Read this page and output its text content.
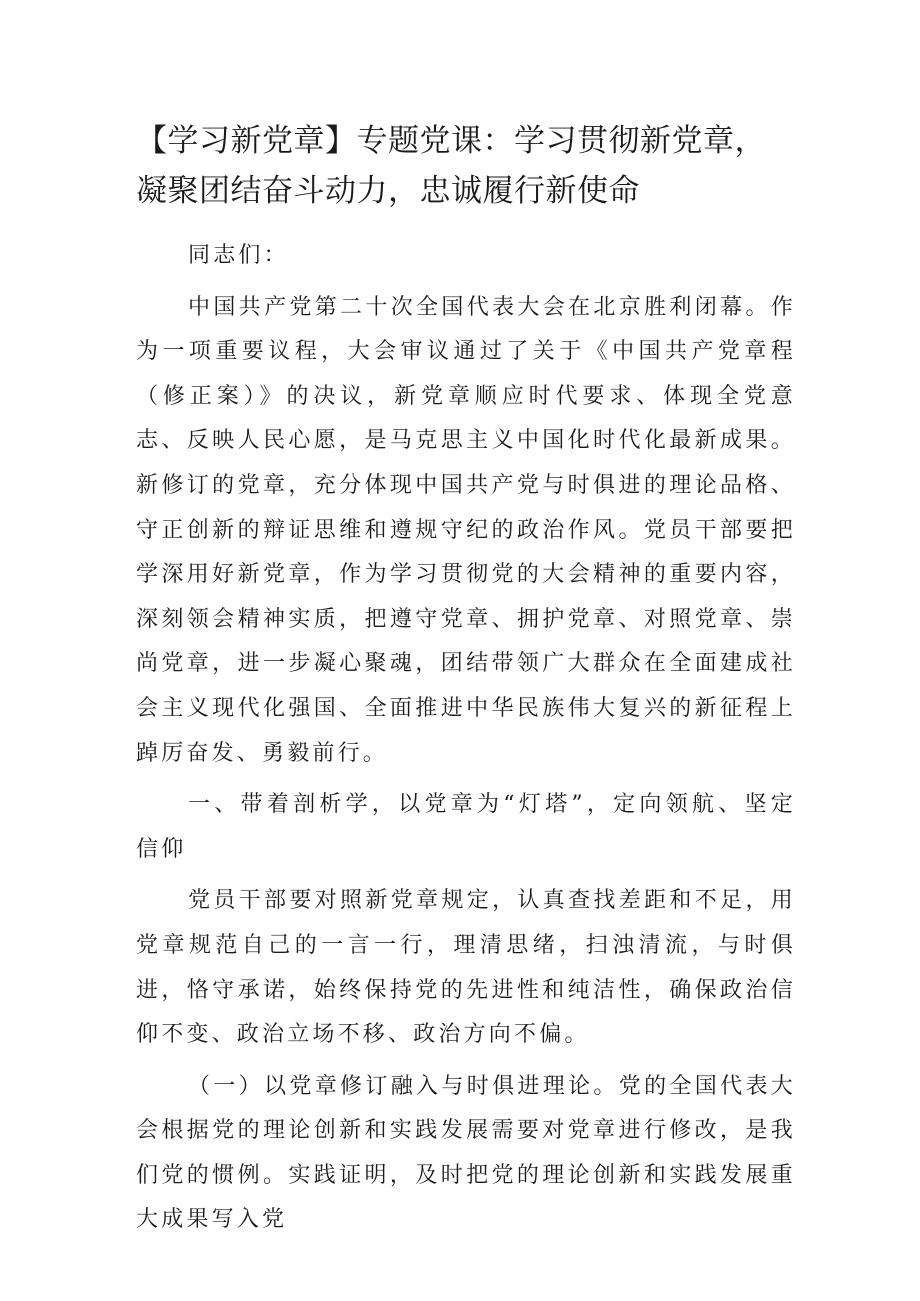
【学习新党章】专题党课：学习贯彻新党章，
凝聚团结奋斗动力，忠诚履行新使命

同志们：

中国共产党第二十次全国代表大会在北京胜利闭幕。作为一项重要议程，大会审议通过了关于《中国共产党章程（修正案）》的决议，新党章顺应时代要求、体现全党意志、反映人民心愿，是马克思主义中国化时代化最新成果。新修订的党章，充分体现中国共产党与时俱进的理论品格、守正创新的辩证思维和遵规守纪的政治作风。党员干部要把学深用好新党章，作为学习贯彻党的大会精神的重要内容，深刻领会精神实质，把遵守党章、拥护党章、对照党章、崇尚党章，进一步凝心聚魂，团结带领广大群众在全面建成社会主义现代化强国、全面推进中华民族伟大复兴的新征程上踔厉奋发、勇毅前行。

一、带着剖析学，以党章为“灯塔”，定向领航、坚定信仰

党员干部要对照新党章规定，认真查找差距和不足，用党章规范自己的一言一行，理清思绪，扫浊清流，与时俱进，恪守承诺，始终保持党的先进性和纯洁性，确保政治信仰不变、政治立场不移、政治方向不偏。

（一）以党章修订融入与时俱进理论。党的全国代表大会根据党的理论创新和实践发展需要对党章进行修改，是我们党的惯例。实践证明，及时把党的理论创新和实践发展重大成果写入党
